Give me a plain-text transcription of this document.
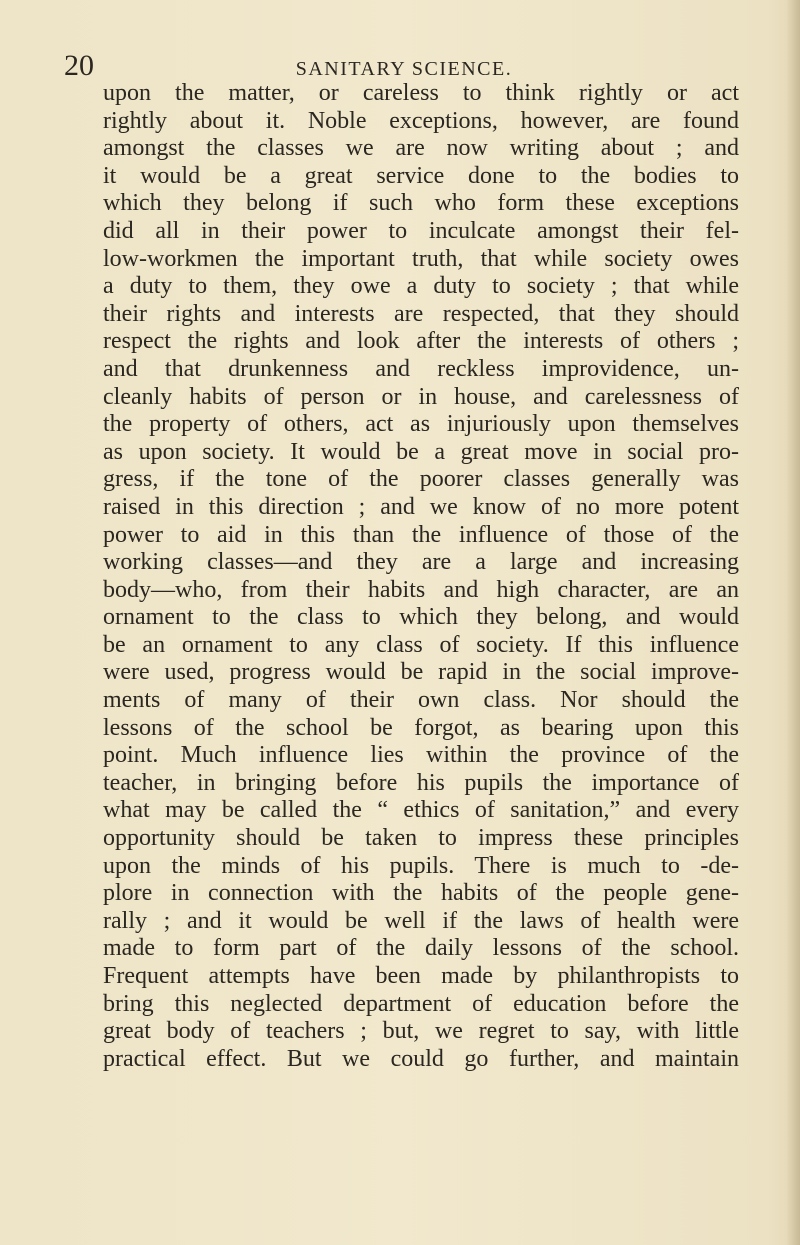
20	SANITARY SCIENCE.
upon the matter, or careless to think rightly or act
rightly about it. Noble exceptions, however, are found
amongst the classes we are now writing about ; and
it would be a great service done to the bodies to
which they belong if such who form these exceptions
did all in their power to inculcate amongst their fel-
low-workmen the important truth, that while society owes
a duty to them, they owe a duty to society ; that while
their rights and interests are respected, that they should
respect the rights and look after the interests of others ;
and that drunkenness and reckless improvidence, un-
cleanly habits of person or in house, and carelessness of
the property of others, act as injuriously upon themselves
as upon society. It would be a great move in social pro-
gress, if the tone of the poorer classes generally was
raised in this direction ; and we know of no more potent
power to aid in this than the influence of those of the
working classes—and they are a large and increasing
body—who, from their habits and high character, are an
ornament to the class to which they belong, and would
be an ornament to any class of society. If this influence
were used, progress would be rapid in the social improve-
ments of many of their own class. Nor should the
lessons of the school be forgot, as bearing upon this
point. Much influence lies within the province of the
teacher, in bringing before his pupils the importance of
what may be called the “ ethics of sanitation,” and every
opportunity should be taken to impress these principles
upon the minds of his pupils. There is much to -de-
plore in connection with the habits of the people gene-
rally ; and it would be well if the laws of health were
made to form part of the daily lessons of the school.
Frequent attempts have been made by philanthropists to
bring this neglected department of education before the
great body of teachers ; but, we regret to say, with little
practical effect. But we could go further, and maintain
